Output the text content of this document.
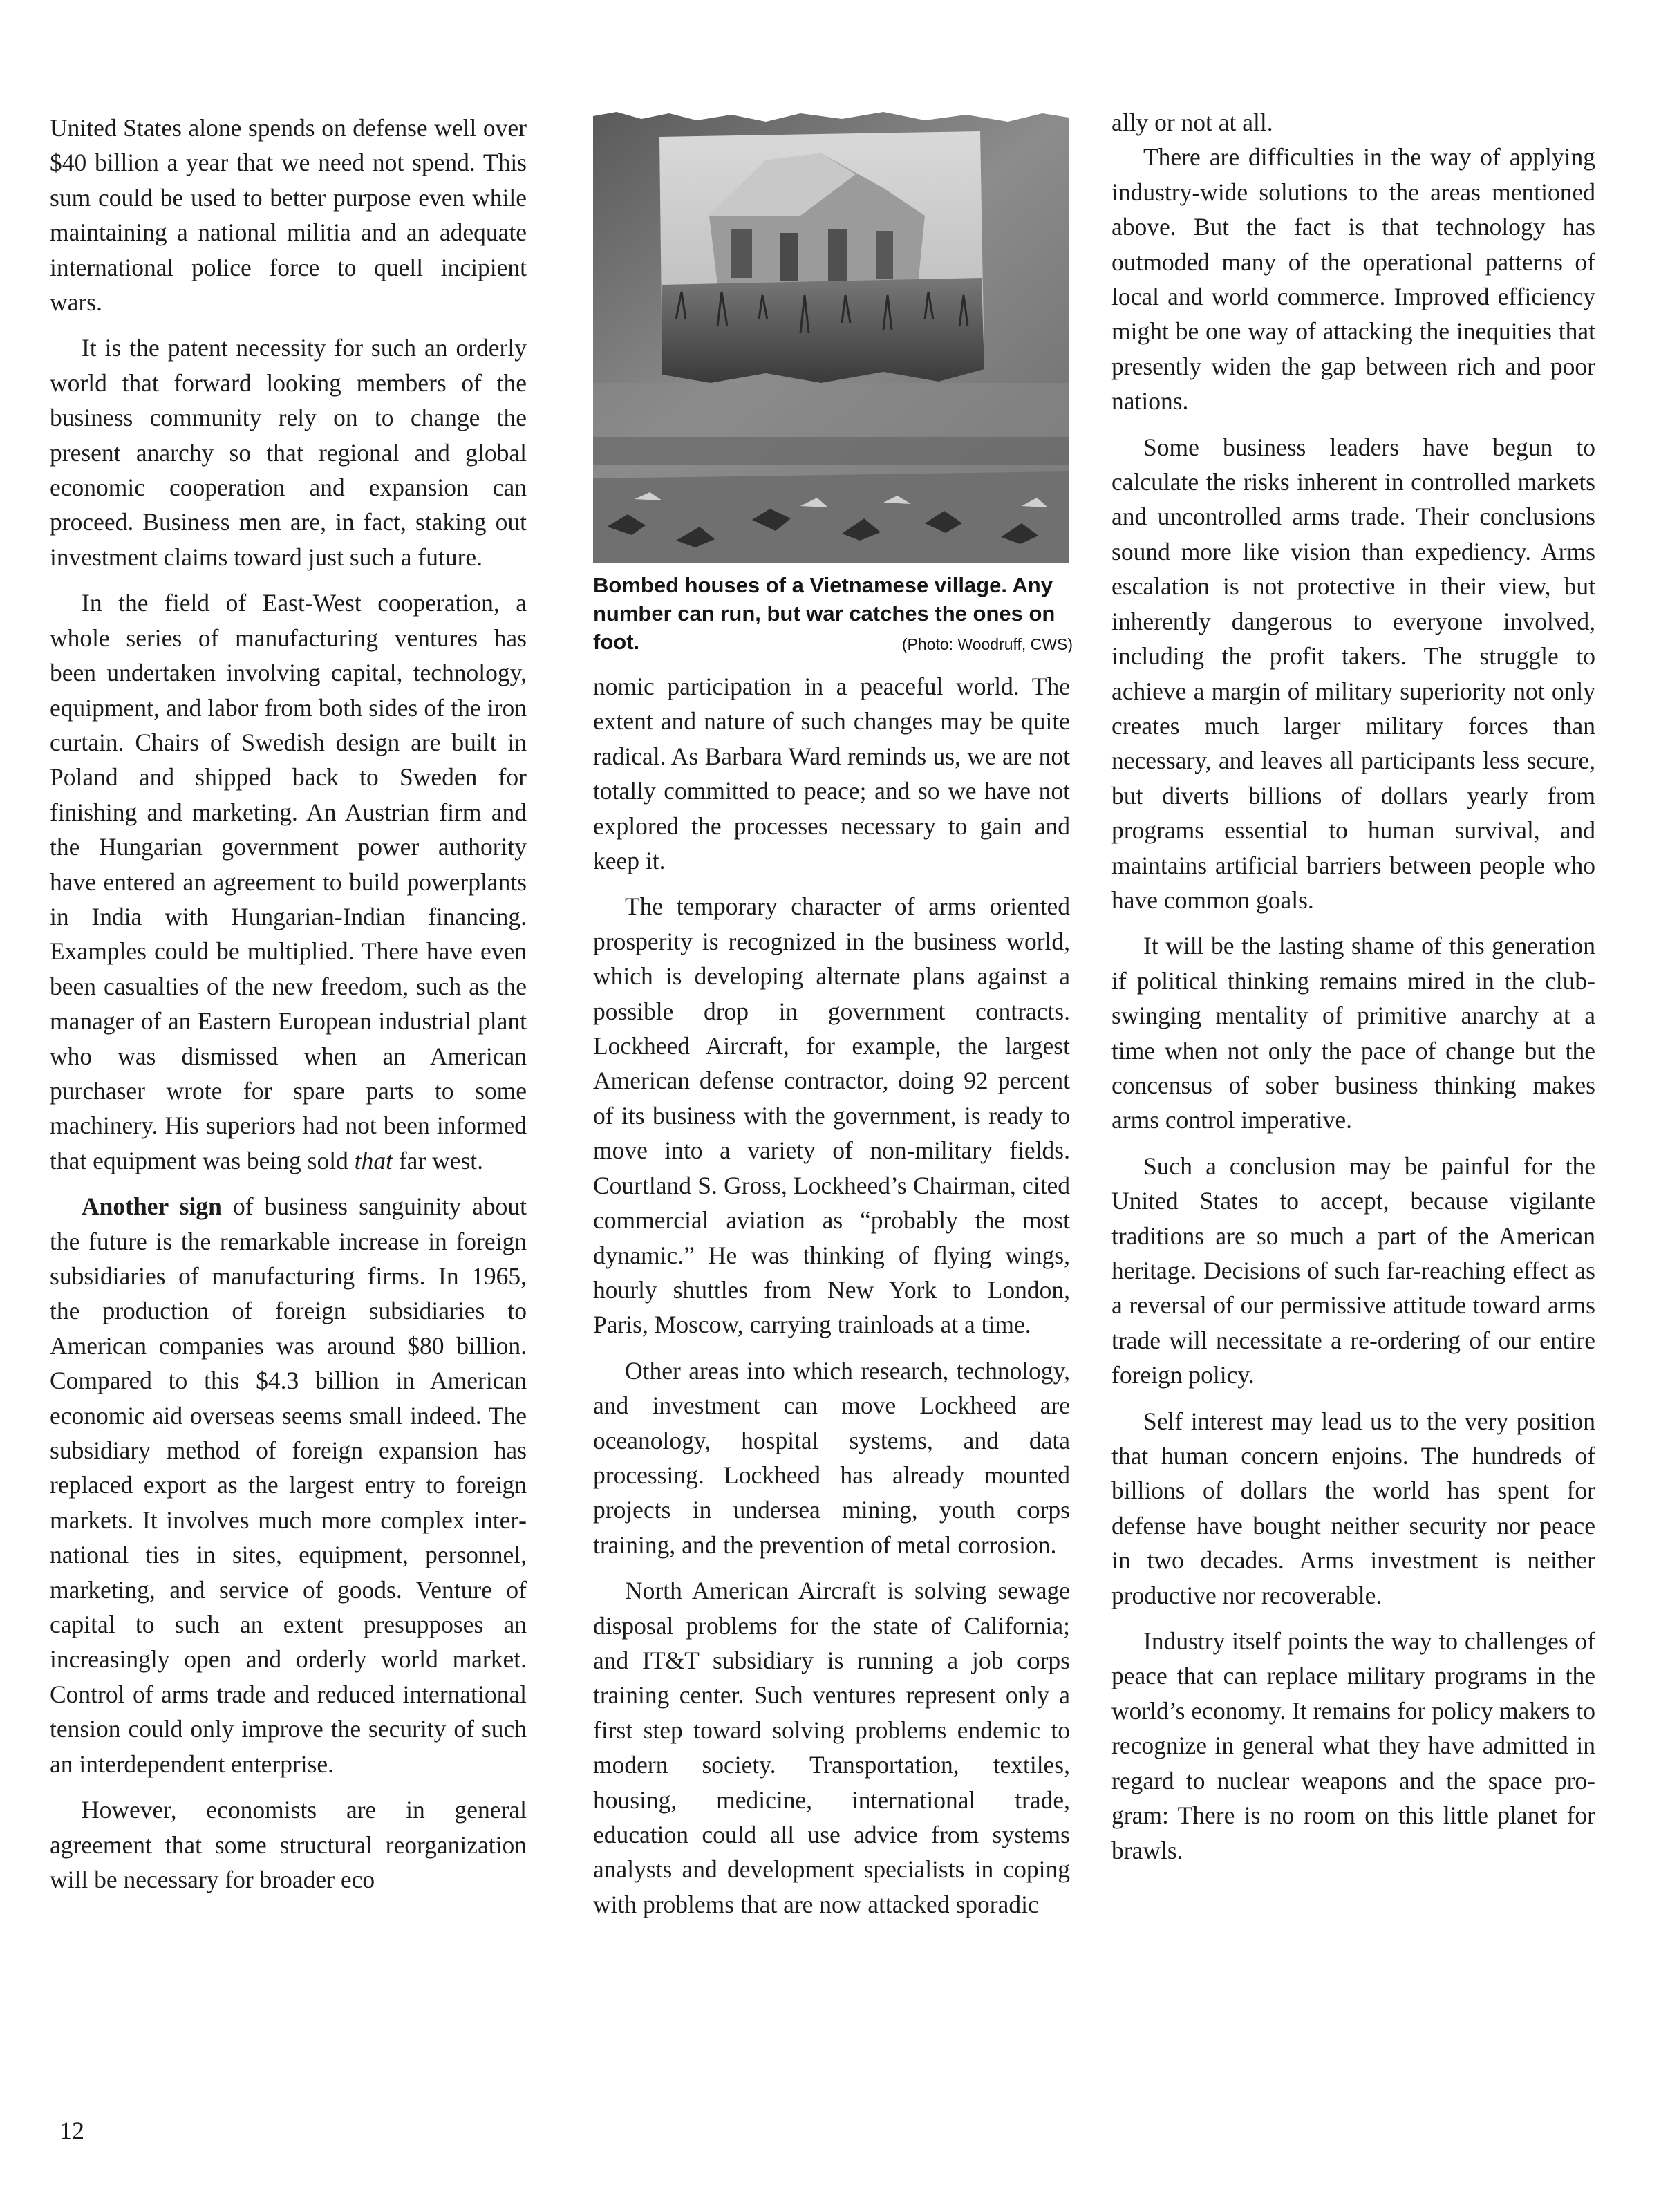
United States alone spends on defense well over $40 billion a year that we need not spend. This sum could be used to better purpose even while maintaining a national militia and an adequate international police force to quell incipient wars.

It is the patent necessity for such an orderly world that forward looking members of the business community rely on to change the present anarchy so that regional and global economic cooperation and expansion can proceed. Business men are, in fact, staking out investment claims toward just such a future.

In the field of East-West cooperation, a whole series of manufacturing ventures has been undertaken involving capital, technology, equipment, and labor from both sides of the iron curtain. Chairs of Swedish design are built in Poland and shipped back to Sweden for finishing and marketing. An Austrian firm and the Hungarian government power authority have entered an agreement to build powerplants in India with Hungarian-Indian financing. Examples could be multiplied. There have even been casualties of the new freedom, such as the manager of an Eastern European industrial plant who was dismissed when an American purchaser wrote for spare parts to some machinery. His superiors had not been informed that equipment was being sold that far west.

Another sign of business sanguinity about the future is the remarkable increase in foreign subsidiaries of manufacturing firms. In 1965, the production of foreign subsidiaries to American companies was around $80 billion. Compared to this $4.3 billion in American economic aid overseas seems small indeed. The subsidiary method of foreign expansion has replaced export as the largest entry to foreign markets. It involves much more complex international ties in sites, equipment, personnel, marketing, and service of goods. Venture of capital to such an extent presupposes an increasingly open and orderly world market. Control of arms trade and reduced international tension could only improve the security of such an interdependent enterprise.

However, economists are in general agreement that some structural reorganization will be necessary for broader eco

Bombed houses of a Vietnamese village. Any number can run, but war catches the ones on foot.	(Photo: Woodruff, CWS)

nomic participation in a peaceful world. The extent and nature of such changes may be quite radical. As Barbara Ward reminds us, we are not totally committed to peace; and so we have not explored the processes necessary to gain and keep it.

The temporary character of arms oriented prosperity is recognized in the business world, which is developing alternate plans against a possible drop in government contracts. Lockheed Aircraft, for example, the largest American defense contractor, doing 92 percent of its business with the government, is ready to move into a variety of non-military fields. Courtland S. Gross, Lockheed’s Chairman, cited commercial aviation as “probably the most dynamic.” He was thinking of flying wings, hourly shuttles from New York to London, Paris, Moscow, carrying trainloads at a time.

Other areas into which research, technology, and investment can move Lockheed are oceanology, hospital systems, and data processing. Lockheed has already mounted projects in undersea mining, youth corps training, and the prevention of metal corrosion.

North American Aircraft is solving sewage disposal problems for the state of California; and IT&T subsidiary is running a job corps training center. Such ventures represent only a first step toward solving problems endemic to modern society. Transportation, textiles, housing, medicine, international trade, education could all use advice from systems analysts and development specialists in coping with problems that are now attacked sporadic

ally or not at all.

There are difficulties in the way of applying industry-wide solutions to the areas mentioned above. But the fact is that technology has outmoded many of the operational patterns of local and world commerce. Improved efficiency might be one way of attacking the inequities that presently widen the gap between rich and poor nations.

Some business leaders have begun to calculate the risks inherent in controlled markets and uncontrolled arms trade. Their conclusions sound more like vision than expediency. Arms escalation is not protective in their view, but inherently dangerous to everyone involved, including the profit takers. The struggle to achieve a margin of military superiority not only creates much larger military forces than necessary, and leaves all participants less secure, but diverts billions of dollars yearly from programs essential to human survival, and maintains artificial barriers between people who have common goals.

It will be the lasting shame of this generation if political thinking remains mired in the club-swinging mentality of primitive anarchy at a time when not only the pace of change but the concensus of sober business thinking makes arms control imperative.

Such a conclusion may be painful for the United States to accept, because vigilante traditions are so much a part of the American heritage. Decisions of such far-reaching effect as a reversal of our permissive attitude toward arms trade will necessitate a re-ordering of our entire foreign policy.

Self interest may lead us to the very position that human concern enjoins. The hundreds of billions of dollars the world has spent for defense have bought neither security nor peace in two decades. Arms investment is neither productive nor recoverable.

Industry itself points the way to challenges of peace that can replace military programs in the world’s economy. It remains for policy makers to recognize in general what they have admitted in regard to nuclear weapons and the space program: There is no room on this little planet for brawls.

12
